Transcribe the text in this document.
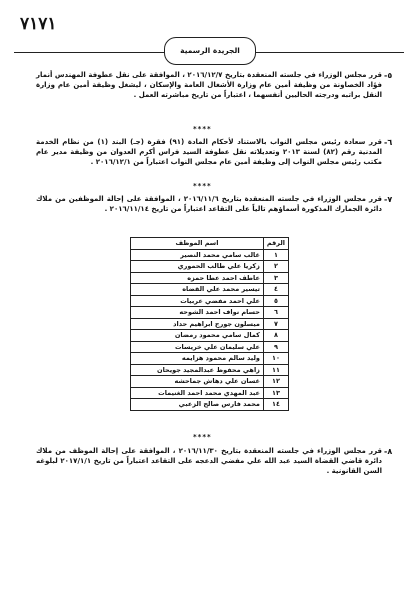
٧١٧١
الجريدة الرسمية
-٥
قرر مجلس الوزراء في جلسته المنعقدة بتاريخ ٢٠١٦/١٢/٧ ، الموافقة على نقل عطوفة المهندس أنمار فؤاد الخصاونة من وظيفة أمين عام وزارة الأشغال العامة والإسكان ، ليشغل وظيفة أمين عام وزارة النقل براتبه ودرجته الحاليين أنفسهما ، اعتباراً من تاريخ مباشرته العمل .
****
-٦
قرر سعادة رئيس مجلس النواب بالاستناد لأحكام المادة (٩١) فقرة (جـ) البند (١) من نظام الخدمة المدنية رقم (٨٢) لسنة ٢٠١٣ وتعديلاته نقل عطوفة السيد فراس أكرم العدوان من وظيفة مدير عام مكتب رئيس مجلس النواب إلى وظيفة أمين عام مجلس النواب اعتباراً من ٢٠١٦/١٢/١ .
****
-٧
قرر مجلس الوزراء في جلسته المنعقدة بتاريخ ٢٠١٦/١١/٦ ، الموافقة على إحالة الموظفين من ملاك دائرة الجمارك المذكورة أسماؤهم تالياً على التقاعد اعتباراً من تاريخ ٢٠١٦/١١/١٤ .
الرقم	اسم الموظف
١	غالب سامي محمد النصير
٢	زكريا علي طالب الحموري
٣	عاطف احمد عطا حمزه
٤	تيسير محمد علي القضاه
٥	علي احمد مفضي عربيات
٦	حسام نواف احمد الشوحه
٧	ميسلون جورج ابراهيم حداد
٨	كمال سامي محمود رمضان
٩	علي سليمان علي خريسات
١٠	وليد سالم محمود هزايمه
١١	زاهي محفوظ عبدالمجيد جويحان
١٢	غسان علي دهاش جماحشه
١٣	عبد المهدي محمد احمد الغنيمات
١٤	محمد فارس صالح الزعبي
****
-٨
قرر مجلس الوزراء في جلسته المنعقدة بتاريخ ٢٠١٦/١١/٣٠ ، الموافقة على إحالة الموظف من ملاك دائرة قاضي القضاة السيد عبد الله علي مفضي الدعجه على التقاعد اعتباراً من تاريخ ٢٠١٧/١/١ لبلوغه السن القانونية .
